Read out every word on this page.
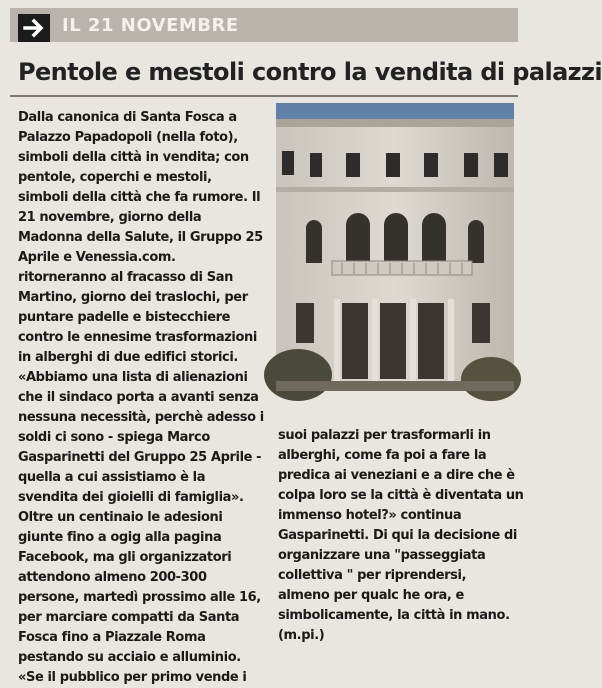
IL 21 NOVEMBRE
Pentole e mestoli contro la vendita di palazzi
Dalla canonica di Santa Fosca a
Palazzo Papadopoli (nella foto),
simboli della città in vendita; con
pentole, coperchi e mestoli,
simboli della città che fa rumore. Il
21 novembre, giorno della
Madonna della Salute, il Gruppo 25
Aprile e Venessia.com.
ritorneranno al fracasso di San
Martino, giorno dei traslochi, per
puntare padelle e bistecchiere
contro le ennesime trasformazioni
in alberghi di due edifici storici.
«Abbiamo una lista di alienazioni
che il sindaco porta a avanti senza
nessuna necessità, perchè adesso i
soldi ci sono - spiega Marco
Gasparinetti del Gruppo 25 Aprile -
quella a cui assistiamo è la
svendita dei gioielli di famiglia».
Oltre un centinaio le adesioni
giunte fino a ogig alla pagina
Facebook, ma gli organizzatori
attendono almeno 200-300
persone, martedì prossimo alle 16,
per marciare compatti da Santa
Fosca fino a Piazzale Roma
pestando su acciaio e alluminio.
«Se il pubblico per primo vende i
suoi palazzi per trasformarli in
alberghi, come fa poi a fare la
predica ai veneziani e a dire che è
colpa loro se la città è diventata un
immenso hotel?» continua
Gasparinetti. Di qui la decisione di
organizzare una "passeggiata
collettiva " per riprendersi,
almeno per qualc he ora, e
simbolicamente, la città in mano.
(m.pi.)
